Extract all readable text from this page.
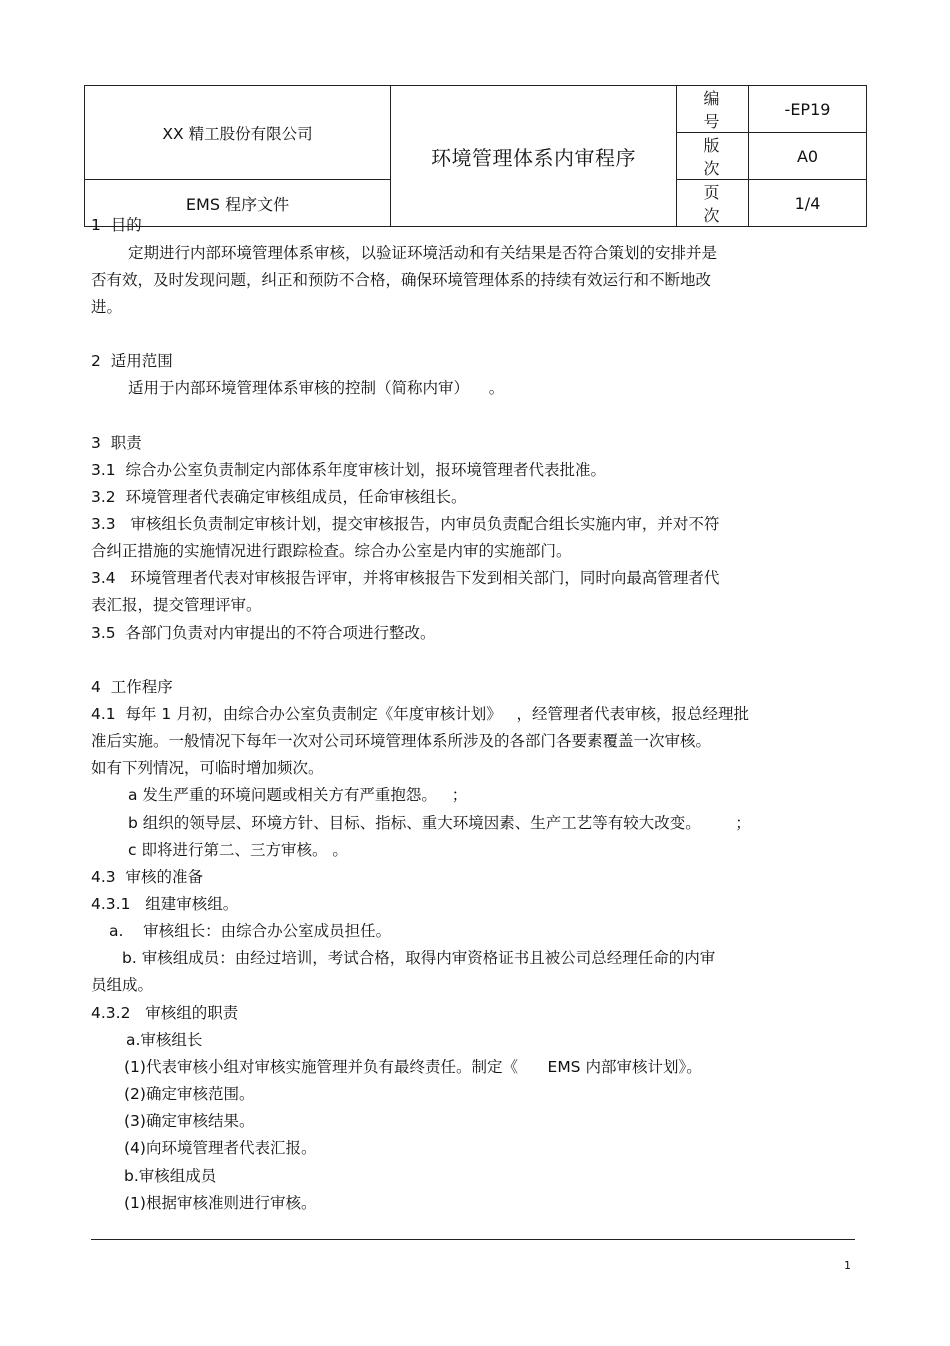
XX 精工股份有限公司	环境管理体系内审程序	编 号	-EP19
		版 次	A0
EMS 程序文件		页 次	1/4
1  目的
定期进行内部环境管理体系审核，以验证环境活动和有关结果是否符合策划的安排并是
否有效，及时发现问题，纠正和预防不合格，确保环境管理体系的持续有效运行和不断地改
进。
2  适用范围
适用于内部环境管理体系审核的控制（简称内审）    。
3  职责
3.1  综合办公室负责制定内部体系年度审核计划，报环境管理者代表批准。
3.2  环境管理者代表确定审核组成员，任命审核组长。
3.3   审核组长负责制定审核计划，提交审核报告，内审员负责配合组长实施内审，并对不符
合纠正措施的实施情况进行跟踪检查。综合办公室是内审的实施部门。
3.4   环境管理者代表对审核报告评审，并将审核报告下发到相关部门，同时向最高管理者代
表汇报，提交管理评审。
3.5  各部门负责对内审提出的不符合项进行整改。
4  工作程序
4.1  每年 1 月初，由综合办公室负责制定《年度审核计划》   ，经管理者代表审核，报总经理批
准后实施。一般情况下每年一次对公司环境管理体系所涉及的各部门各要素覆盖一次审核。
如有下列情况，可临时增加频次。
a 发生严重的环境问题或相关方有严重抱怨。   ；
b 组织的领导层、环境方针、目标、指标、重大环境因素、生产工艺等有较大改变。       ；
c 即将进行第二、三方审核。 。
4.3  审核的准备
4.3.1   组建审核组。
a.    审核组长：由综合办公室成员担任。
b. 审核组成员：由经过培训，考试合格，取得内审资格证书且被公司总经理任命的内审
员组成。
4.3.2   审核组的职责
a.审核组长
(1)代表审核小组对审核实施管理并负有最终责任。制定《      EMS 内部审核计划》。
(2)确定审核范围。
(3)确定审核结果。
(4)向环境管理者代表汇报。
b.审核组成员
(1)根据审核准则进行审核。
1
